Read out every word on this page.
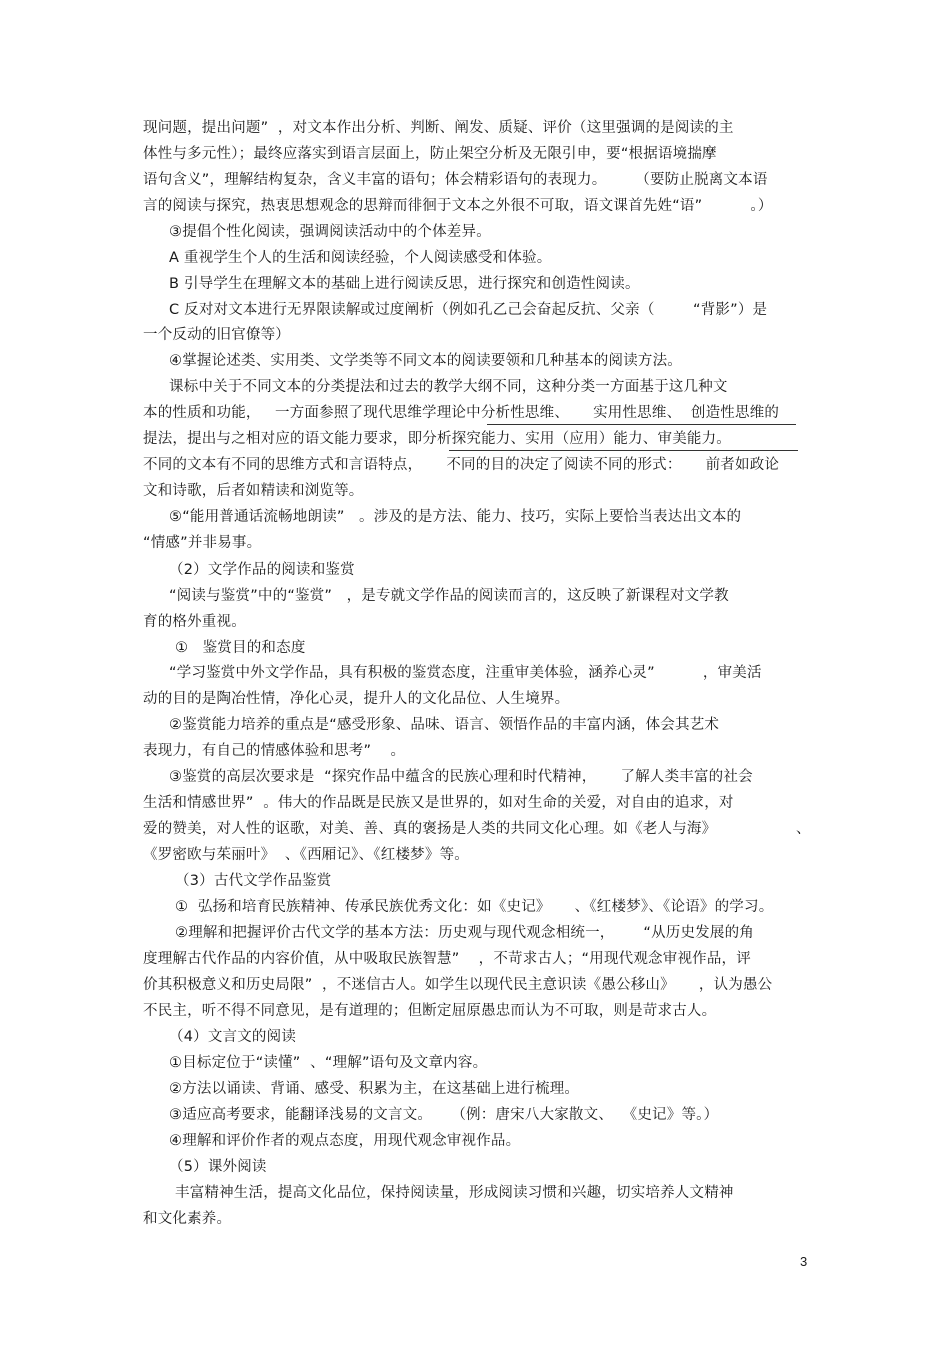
现问题，提出问题”  ，对文本作出分析、判断、阐发、质疑、评价（这里强调的是阅读的主
体性与多元性）；最终应落实到语言层面上，防止架空分析及无限引申，要“根据语境揣摩
语句含义”，理解结构复杂，含义丰富的语句；体会精彩语句的表现力。      （要防止脱离文本语
言的阅读与探究，热衷思想观念的思辩而徘徊于文本之外很不可取，语文课首先姓“语”          。）
③提倡个性化阅读，强调阅读活动中的个体差异。
A 重视学生个人的生活和阅读经验，个人阅读感受和体验。
B 引导学生在理解文本的基础上进行阅读反思，进行探究和创造性阅读。
C 反对对文本进行无界限读解或过度阐析（例如孔乙己会奋起反抗、父亲（        “背影”）是
一个反动的旧官僚等）
④掌握论述类、实用类、文学类等不同文本的阅读要领和几种基本的阅读方法。
课标中关于不同文本的分类提法和过去的教学大纲不同，这种分类一方面基于这几种文
本的性质和功能，   一方面参照了现代思维学理论中分析性思维、     实用性思维、  创造性思维的
提法，提出与之相对应的语文能力要求，即分析探究能力、实用（应用）能力、审美能力。
不同的文本有不同的思维方式和言语特点，     不同的目的决定了阅读不同的形式：     前者如政论
文和诗歌，后者如精读和浏览等。
⑤“能用普通话流畅地朗读”   。涉及的是方法、能力、技巧，实际上要恰当表达出文本的
“情感”并非易事。
（2）文学作品的阅读和鉴赏
“阅读与鉴赏”中的“鉴赏”   ，是专就文学作品的阅读而言的，这反映了新课程对文学教
育的格外重视。
①   鉴赏目的和态度
“学习鉴赏中外文学作品，具有积极的鉴赏态度，注重审美体验，涵养心灵”          ，审美活
动的目的是陶冶性情，净化心灵，提升人的文化品位、人生境界。
②鉴赏能力培养的重点是“感受形象、品味、语言、领悟作品的丰富内涵，体会其艺术
表现力，有自己的情感体验和思考”    。
③鉴赏的高层次要求是  “探究作品中蕴含的民族心理和时代精神，     了解人类丰富的社会
生活和情感世界”  。伟大的作品既是民族又是世界的，如对生命的关爱，对自由的追求，对
爱的赞美，对人性的讴歌，对美、善、真的褒扬是人类的共同文化心理。如《老人与海》	、
《罗密欧与茱丽叶》  、《西厢记》、《红楼梦》等。
（3）古代文学作品鉴赏
①  弘扬和培育民族精神、传承民族优秀文化：如《史记》     、《红楼梦》、《论语》的学习。
②理解和把握评价古代文学的基本方法：历史观与现代观念相统一，      “从历史发展的角
度理解古代作品的内容价值，从中吸取民族智慧”    ，不苛求古人；“用现代观念审视作品，评
价其积极意义和历史局限”  ，不迷信古人。如学生以现代民主意识读《愚公移山》     ，认为愚公
不民主，听不得不同意见，是有道理的；但断定屈原愚忠而认为不可取，则是苛求古人。
（4）文言文的阅读
①目标定位于“读懂”  、“理解”语句及文章内容。
②方法以诵读、背诵、感受、积累为主，在这基础上进行梳理。
③适应高考要求，能翻译浅易的文言文。    （例：唐宋八大家散文、  《史记》等。）
④理解和评价作者的观点态度，用现代观念审视作品。
（5）课外阅读
丰富精神生活，提高文化品位，保持阅读量，形成阅读习惯和兴趣，切实培养人文精神
和文化素养。
3
